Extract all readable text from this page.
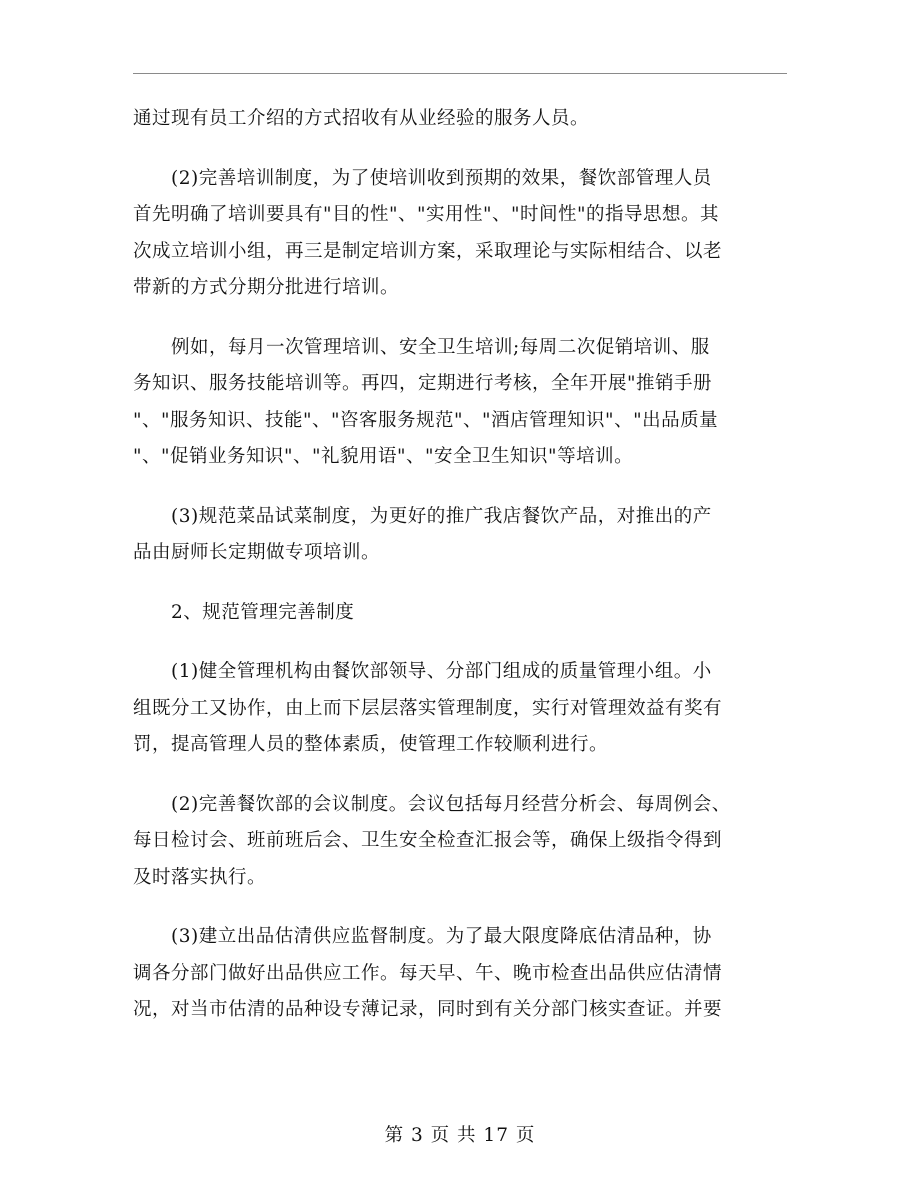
通过现有员工介绍的方式招收有从业经验的服务人员。

(2)完善培训制度，为了使培训收到预期的效果，餐饮部管理人员
首先明确了培训要具有"目的性"、"实用性"、"时间性"的指导思想。其
次成立培训小组，再三是制定培训方案，采取理论与实际相结合、以老
带新的方式分期分批进行培训。

例如，每月一次管理培训、安全卫生培训;每周二次促销培训、服
务知识、服务技能培训等。再四，定期进行考核，全年开展"推销手册
"、"服务知识、技能"、"咨客服务规范"、"酒店管理知识"、"出品质量
"、"促销业务知识"、"礼貌用语"、"安全卫生知识"等培训。

(3)规范菜品试菜制度，为更好的推广我店餐饮产品，对推出的产
品由厨师长定期做专项培训。

2、规范管理完善制度

(1)健全管理机构由餐饮部领导、分部门组成的质量管理小组。小
组既分工又协作，由上而下层层落实管理制度，实行对管理效益有奖有
罚，提高管理人员的整体素质，使管理工作较顺利进行。

(2)完善餐饮部的会议制度。会议包括每月经营分析会、每周例会、
每日检讨会、班前班后会、卫生安全检查汇报会等，确保上级指令得到
及时落实执行。

(3)建立出品估清供应监督制度。为了最大限度降底估清品种，协
调各分部门做好出品供应工作。每天早、午、晚市检查出品供应估清情
况，对当市估清的品种设专薄记录，同时到有关分部门核实查证。并要

第 3 页 共 17 页
